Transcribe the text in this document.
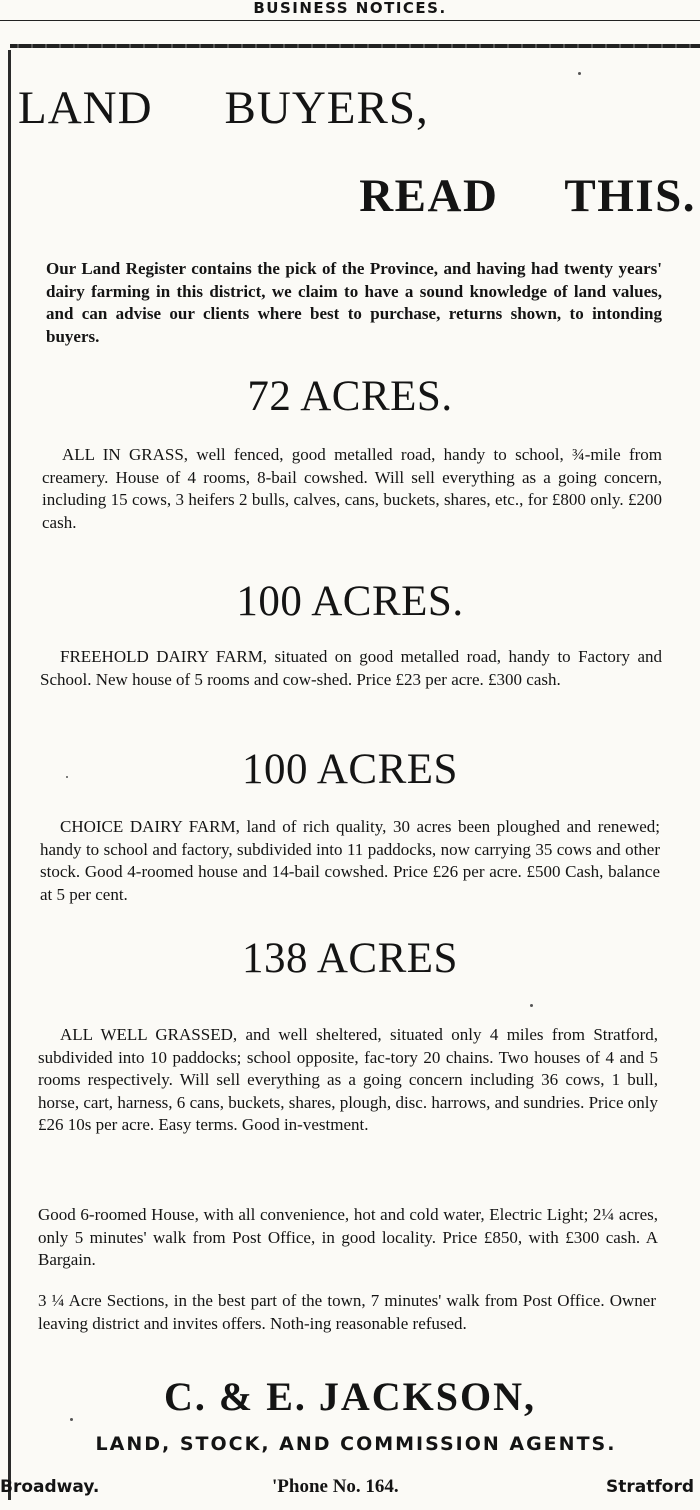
BUSINESS NOTICES.
LAND BUYERS,
READ THIS.
Our Land Register contains the pick of the Province, and having had twenty years' dairy farming in this district, we claim to have a sound knowledge of land values, and can advise our clients where best to purchase, returns shown, to intonding buyers.
72 ACRES.
ALL IN GRASS, well fenced, good metalled road, handy to school, ¾-mile from creamery. House of 4 rooms, 8-bail cowshed. Will sell everything as a going concern, including 15 cows, 3 heifers 2 bulls, calves, cans, buckets, shares, etc., for £800 only. £200 cash.
100 ACRES.
FREEHOLD DAIRY FARM, situated on good metalled road, handy to Factory and School. New house of 5 rooms and cow-shed. Price £23 per acre. £300 cash.
100 ACRES
CHOICE DAIRY FARM, land of rich quality, 30 acres been ploughed and renewed; handy to school and factory, subdivided into 11 paddocks, now carrying 35 cows and other stock. Good 4-roomed house and 14-bail cowshed. Price £26 per acre. £500 Cash, balance at 5 per cent.
138 ACRES
ALL WELL GRASSED, and well sheltered, situated only 4 miles from Stratford, subdivided into 10 paddocks; school opposite, fac-tory 20 chains. Two houses of 4 and 5 rooms respectively. Will sell everything as a going concern including 36 cows, 1 bull, horse, cart, harness, 6 cans, buckets, shares, plough, disc. harrows, and sundries. Price only £26 10s per acre. Easy terms. Good in-vestment.
Good 6-roomed House, with all convenience, hot and cold water, Electric Light; 2¼ acres, only 5 minutes' walk from Post Office, in good locality. Price £850, with £300 cash. A Bargain.
3 ¼ Acre Sections, in the best part of the town, 7 minutes' walk from Post Office. Owner leaving district and invites offers. Noth-ing reasonable refused.
C. & E. JACKSON,
LAND, STOCK, AND COMMISSION AGENTS.
Broadway.	'Phone No. 164.	Stratford
